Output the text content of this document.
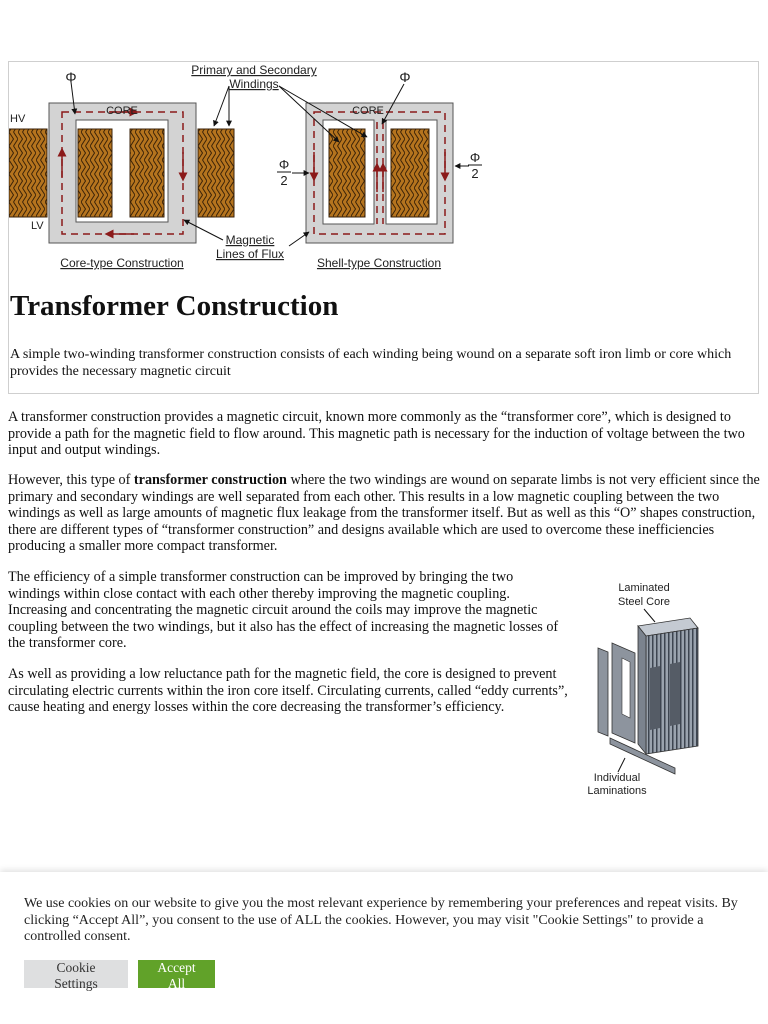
Primary and Secondary
Windings
Φ	Φ
CORE	CORE
HV
LV
Φ
2
Φ
2
Magnetic
Lines of Flux
Core-type Construction	Shell-type Construction
Transformer Construction

A simple two-winding transformer construction consists of each winding being wound on a separate soft iron limb or core which provides the necessary magnetic circuit

A transformer construction provides a magnetic circuit, known more commonly as the “transformer core”, which is designed to provide a path for the magnetic field to flow around. This magnetic path is necessary for the induction of voltage between the two input and output windings.

However, this type of transformer construction where the two windings are wound on separate limbs is not very efficient since the primary and secondary windings are well separated from each other. This results in a low magnetic coupling between the two windings as well as large amounts of magnetic flux leakage from the transformer itself. But as well as this “O” shapes construction, there are different types of “transformer construction” and designs available which are used to overcome these inefficiencies producing a smaller more compact transformer.

The efficiency of a simple transformer construction can be improved by bringing the two windings within close contact with each other thereby improving the magnetic coupling. Increasing and concentrating the magnetic circuit around the coils may improve the magnetic coupling between the two windings, but it also has the effect of increasing the magnetic losses of the transformer core.

As well as providing a low reluctance path for the magnetic field, the core is designed to prevent circulating electric currents within the iron core itself. Circulating currents, called “eddy currents”, cause heating and energy losses within the core decreasing the transformer’s efficiency.

Laminated
Steel Core
Individual
Laminations

We use cookies on our website to give you the most relevant experience by remembering your preferences and repeat visits. By clicking “Accept All”, you consent to the use of ALL the cookies. However, you may visit "Cookie Settings" to provide a controlled consent.

Cookie Settings
Accept All
